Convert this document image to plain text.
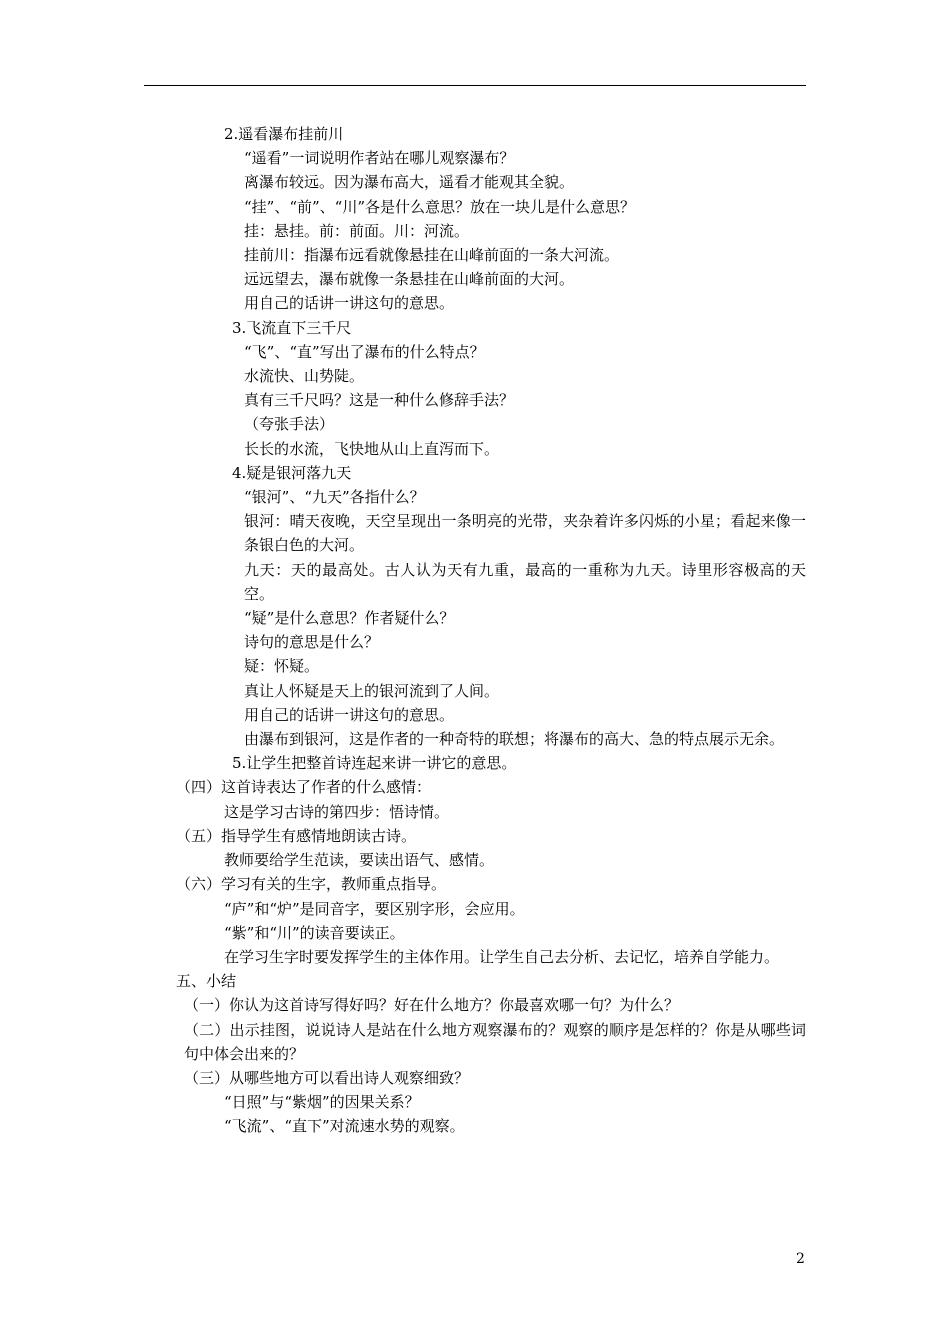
2.遥看瀑布挂前川
“遥看”一词说明作者站在哪儿观察瀑布？
离瀑布较远。因为瀑布高大，遥看才能观其全貌。
“挂”、“前”、“川”各是什么意思？放在一块儿是什么意思？
挂：悬挂。前：前面。川：河流。
挂前川：指瀑布远看就像悬挂在山峰前面的一条大河流。
远远望去，瀑布就像一条悬挂在山峰前面的大河。
用自己的话讲一讲这句的意思。
3.飞流直下三千尺
“飞”、“直”写出了瀑布的什么特点？
水流快、山势陡。
真有三千尺吗？这是一种什么修辞手法？
（夸张手法）
长长的水流，飞快地从山上直泻而下。
4.疑是银河落九天
“银河”、“九天”各指什么？
银河：晴天夜晚，天空呈现出一条明亮的光带，夹杂着许多闪烁的小星；看起来像一条银白色的大河。
九天：天的最高处。古人认为天有九重，最高的一重称为九天。诗里形容极高的天空。
“疑”是什么意思？作者疑什么？
诗句的意思是什么？
疑：怀疑。
真让人怀疑是天上的银河流到了人间。
用自己的话讲一讲这句的意思。
由瀑布到银河，这是作者的一种奇特的联想；将瀑布的高大、急的特点展示无余。
5.让学生把整首诗连起来讲一讲它的意思。
（四）这首诗表达了作者的什么感情：
这是学习古诗的第四步：悟诗情。
（五）指导学生有感情地朗读古诗。
教师要给学生范读，要读出语气、感情。
（六）学习有关的生字，教师重点指导。
“庐”和“炉”是同音字，要区别字形，会应用。
“紫”和“川”的读音要读正。
在学习生字时要发挥学生的主体作用。让学生自己去分析、去记忆，培养自学能力。
五、小结
（一）你认为这首诗写得好吗？好在什么地方？你最喜欢哪一句？为什么？
（二）出示挂图，说说诗人是站在什么地方观察瀑布的？观察的顺序是怎样的？你是从哪些词句中体会出来的？
（三）从哪些地方可以看出诗人观察细致？
“日照”与“紫烟”的因果关系？
“飞流”、“直下”对流速水势的观察。
2
